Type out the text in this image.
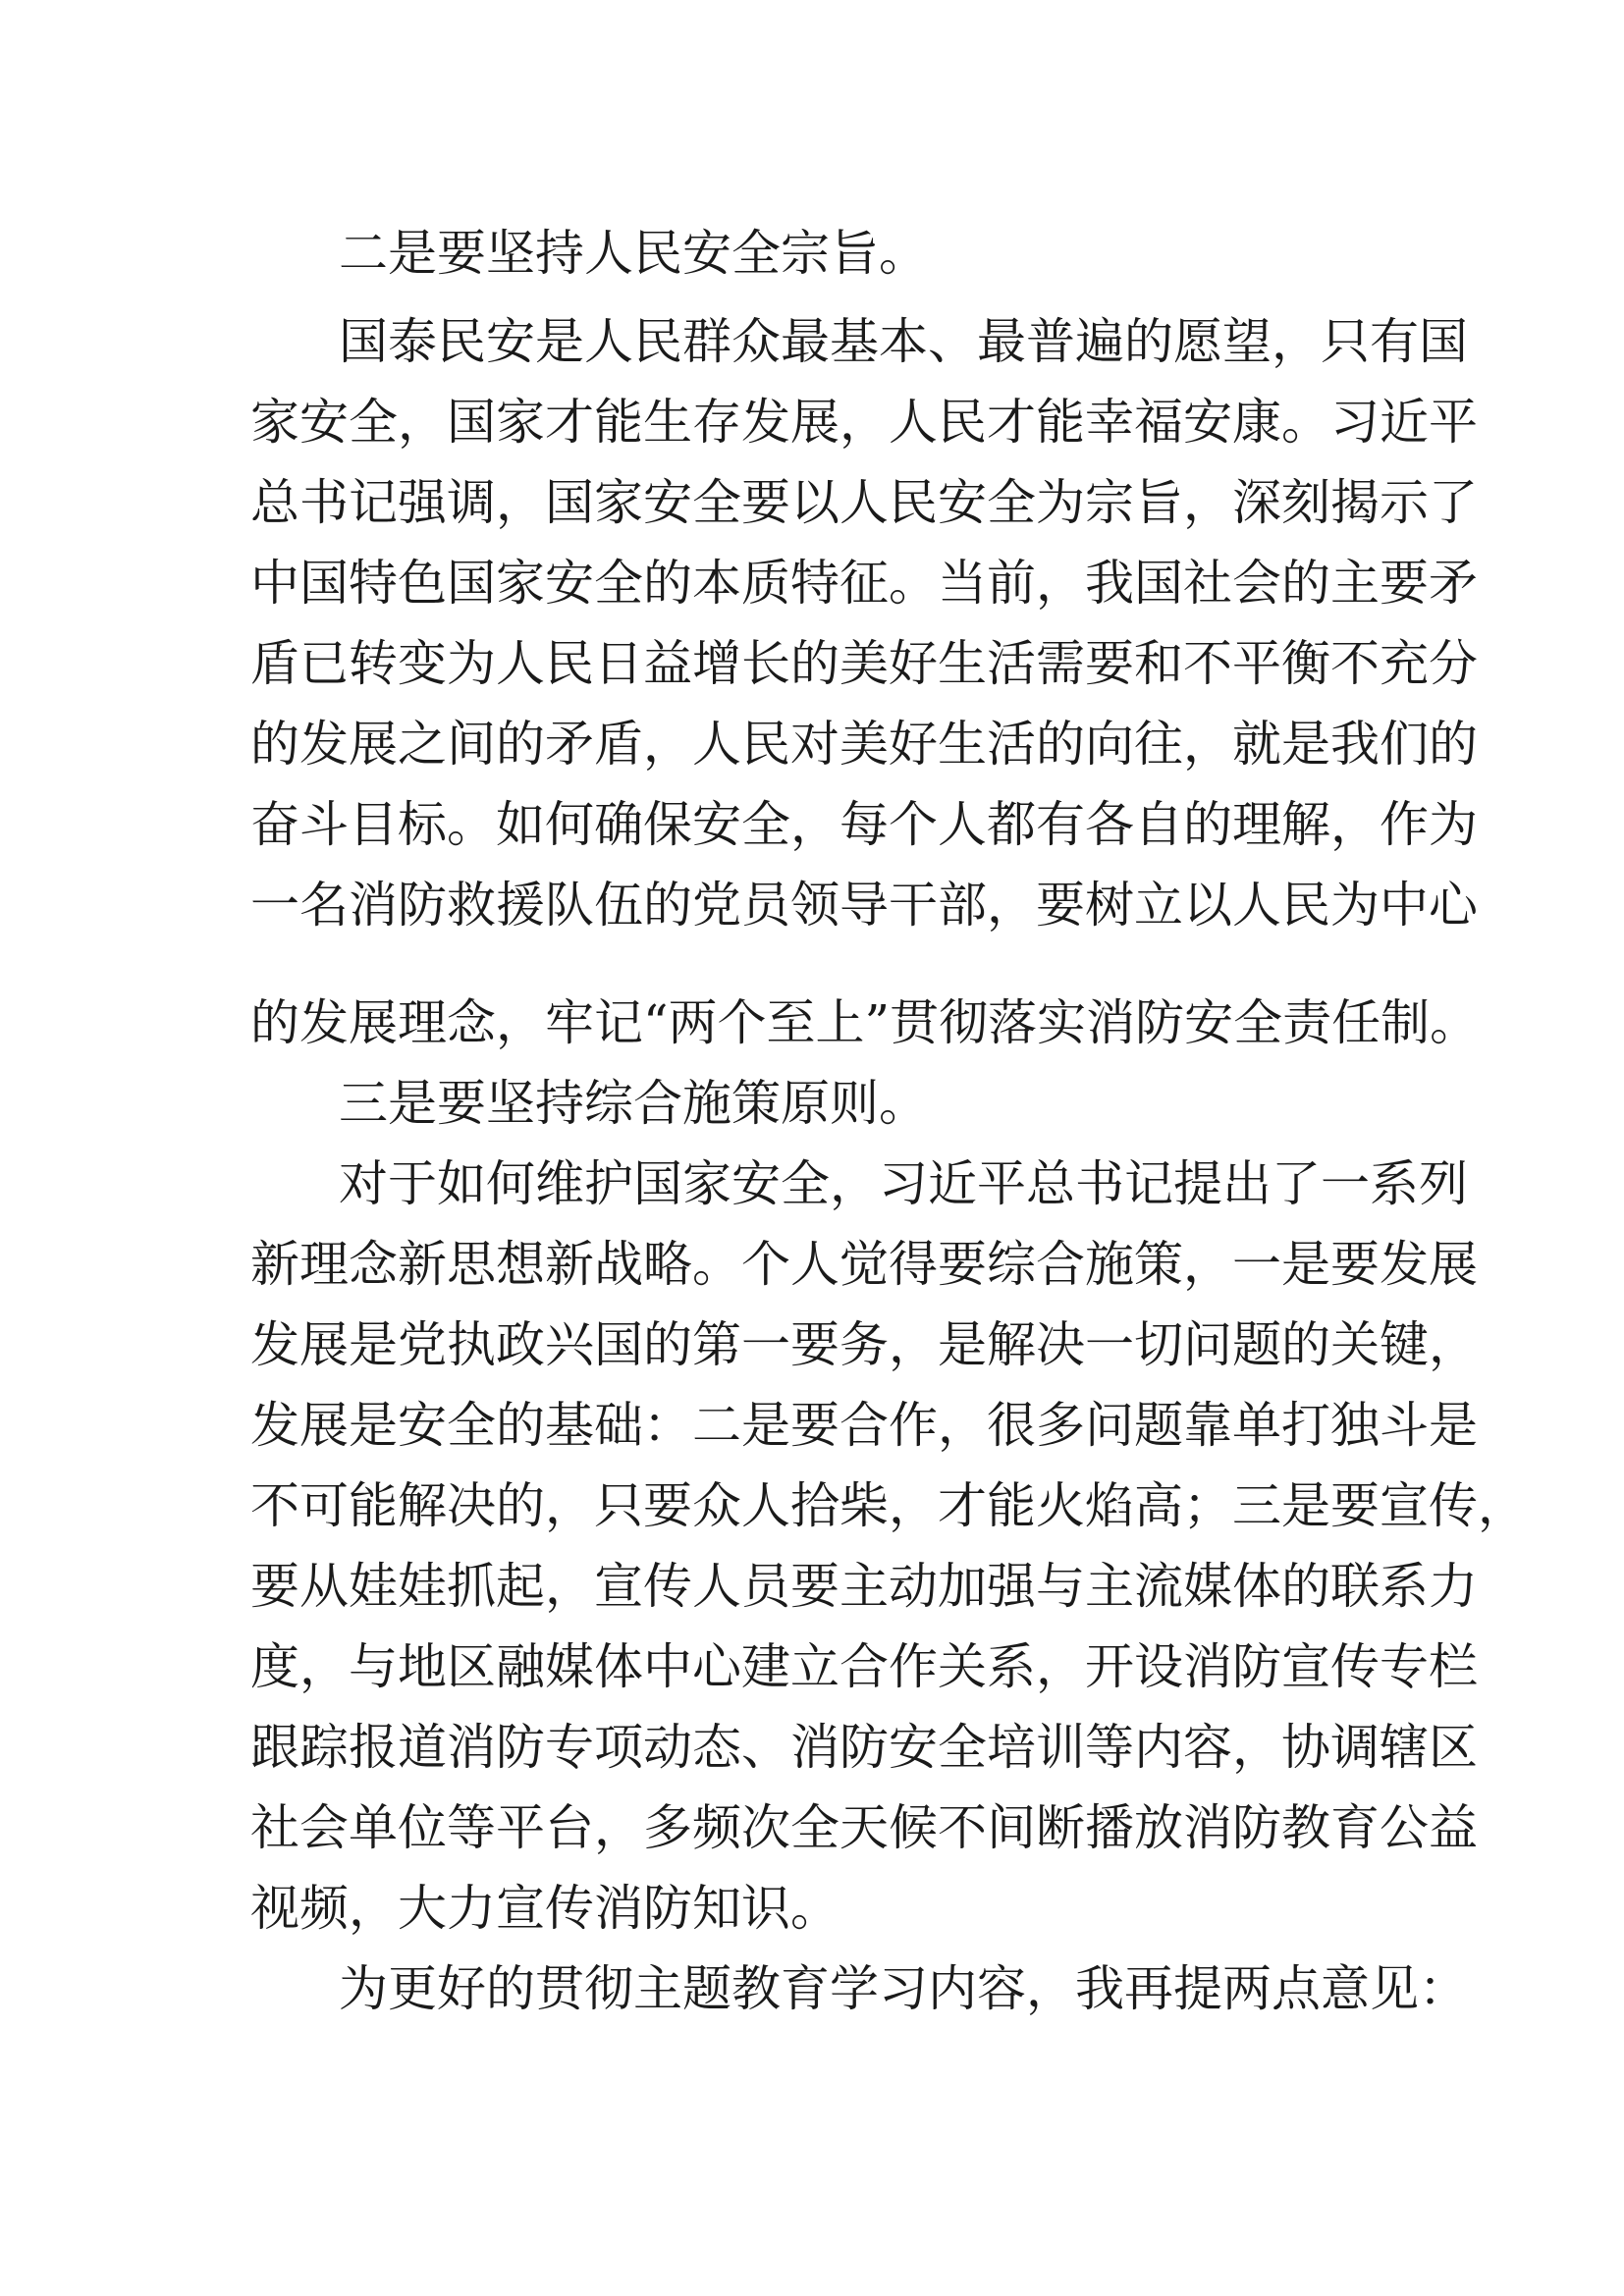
二是要坚持人民安全宗旨。
国泰民安是人民群众最基本、最普遍的愿望，只有国
家安全，国家才能生存发展，人民才能幸福安康。习近平
总书记强调，国家安全要以人民安全为宗旨，深刻揭示了
中国特色国家安全的本质特征。当前，我国社会的主要矛
盾已转变为人民日益增长的美好生活需要和不平衡不充分
的发展之间的矛盾，人民对美好生活的向往，就是我们的
奋斗目标。如何确保安全，每个人都有各自的理解，作为
一名消防救援队伍的党员领导干部，要树立以人民为中心
的发展理念，牢记“两个至上”贯彻落实消防安全责任制。
三是要坚持综合施策原则。
对于如何维护国家安全，习近平总书记提出了一系列
新理念新思想新战略。个人觉得要综合施策，一是要发展
发展是党执政兴国的第一要务，是解决一切问题的关键，
发展是安全的基础：二是要合作，很多问题靠单打独斗是
不可能解决的，只要众人拾柴，才能火焰高；三是要宣传，
要从娃娃抓起，宣传人员要主动加强与主流媒体的联系力
度，与地区融媒体中心建立合作关系，开设消防宣传专栏
跟踪报道消防专项动态、消防安全培训等内容，协调辖区
社会单位等平台，多频次全天候不间断播放消防教育公益
视频，大力宣传消防知识。
为更好的贯彻主题教育学习内容，我再提两点意见：
